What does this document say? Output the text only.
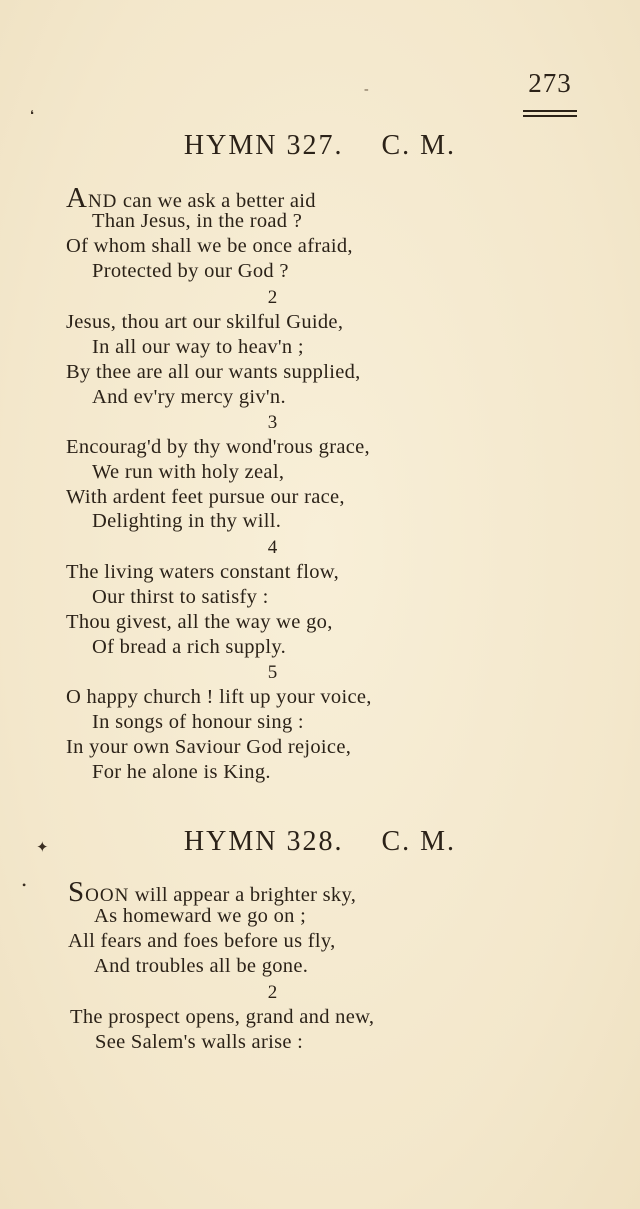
-
❛
✦
•
273
HYMN 327. C. M.
AND can we ask a better aid
Than Jesus, in the road ?
Of whom shall we be once afraid,
Protected by our God ?
2
Jesus, thou art our skilful Guide,
In all our way to heav'n ;
By thee are all our wants supplied,
And ev'ry mercy giv'n.
3
Encourag'd by thy wond'rous grace,
We run with holy zeal,
With ardent feet pursue our race,
Delighting in thy will.
4
The living waters constant flow,
Our thirst to satisfy :
Thou givest, all the way we go,
Of bread a rich supply.
5
O happy church ! lift up your voice,
In songs of honour sing :
In your own Saviour God rejoice,
For he alone is King.
HYMN 328. C. M.
SOON will appear a brighter sky,
As homeward we go on ;
All fears and foes before us fly,
And troubles all be gone.
2
The prospect opens, grand and new,
See Salem's walls arise :
